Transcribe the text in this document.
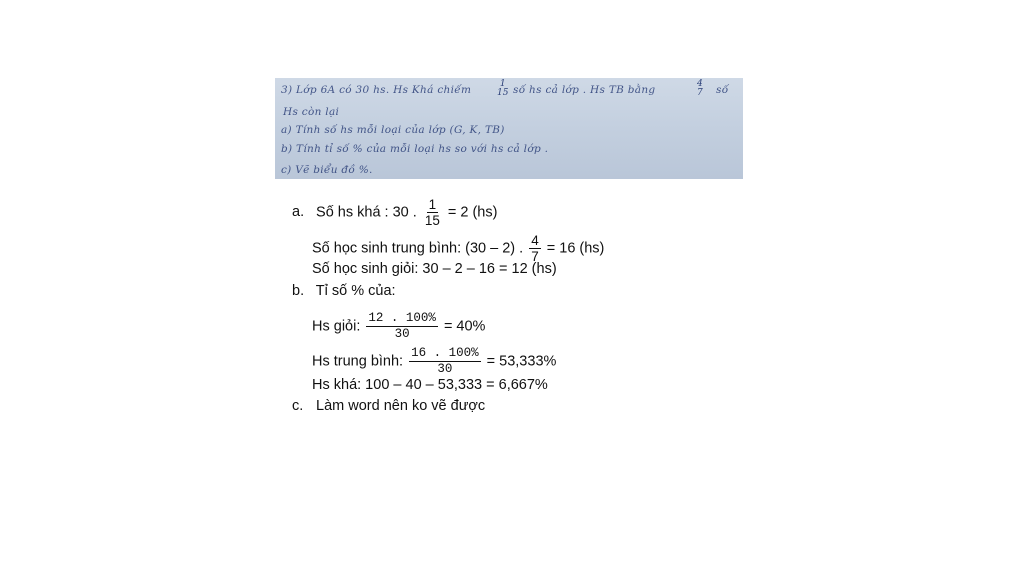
3) Lớp 6A có 30 hs. Hs Khá chiếm	1
15 số hs cả lớp . Hs TB bằng	4
7 số
Hs còn lại
a) Tính số hs mỗi loại của lớp (G, K, TB)
b) Tính tỉ số % của mỗi loại hs so với hs cả lớp .
c) Vẽ biểu đồ %.
a. Số hs khá : 30 . $\frac{1}{15} = 2$ (hs)
Số học sinh trung bình: (30 – 2) . $\frac{4}{7} = 16$ (hs)
Số học sinh giỏi: 30 – 2 – 16 = 12 (hs)
b. Tỉ số % của:
Hs giỏi: $\frac{12 . 100\%}{30} = 40\%$
Hs trung bình: $\frac{16 . 100\%}{30} = 53,333\%$
Hs khá: 100 – 40 – 53,333 = 6,667%
c. Làm word nên ko vẽ được
